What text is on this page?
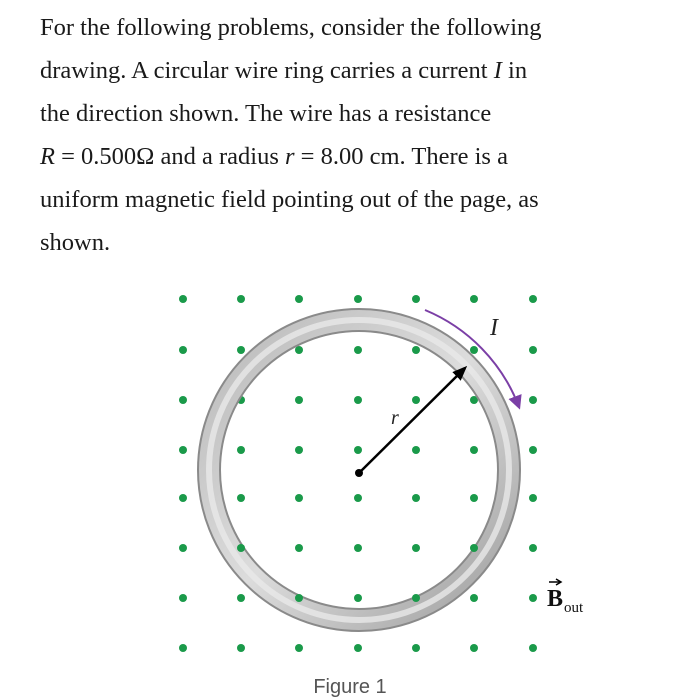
For the following problems, consider the following

drawing. A circular wire ring carries a current I in

the direction shown. The wire has a resistance

R = 0.500Ω and a radius r = 8.00 cm. There is a

uniform magnetic field pointing out of the page, as

shown.

I
r
B out
Figure 1
